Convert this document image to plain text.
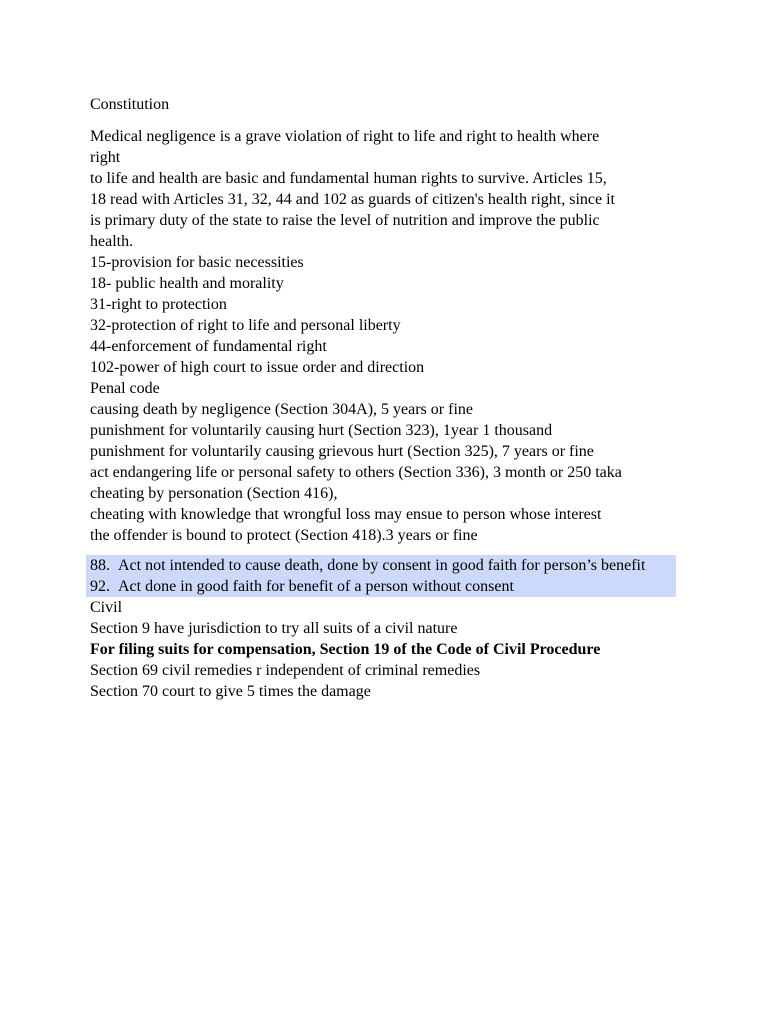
Constitution
Medical negligence is a grave violation of right to life and right to health where
right
to life and health are basic and fundamental human rights to survive. Articles 15,
18 read with Articles 31, 32, 44 and 102 as guards of citizen's health right, since it
is primary duty of the state to raise the level of nutrition and improve the public
health.
15-provision for basic necessities
18- public health and morality
31-right to protection
32-protection of right to life and personal liberty
44-enforcement of fundamental right
102-power of high court to issue order and direction
Penal code
causing death by negligence (Section 304A), 5 years or fine
punishment for voluntarily causing hurt (Section 323), 1year 1 thousand
punishment for voluntarily causing grievous hurt (Section 325), 7 years or fine
act endangering life or personal safety to others (Section 336), 3 month or 250 taka
cheating by personation (Section 416),
cheating with knowledge that wrongful loss may ensue to person whose interest
the offender is bound to protect (Section 418).3 years or fine
88. Act not intended to cause death, done by consent in good faith for person’s benefit
92. Act done in good faith for benefit of a person without consent
Civil
Section 9 have jurisdiction to try all suits of a civil nature
For filing suits for compensation, Section 19 of the Code of Civil Procedure
Section 69 civil remedies r independent of criminal remedies
Section 70 court to give 5 times the damage
